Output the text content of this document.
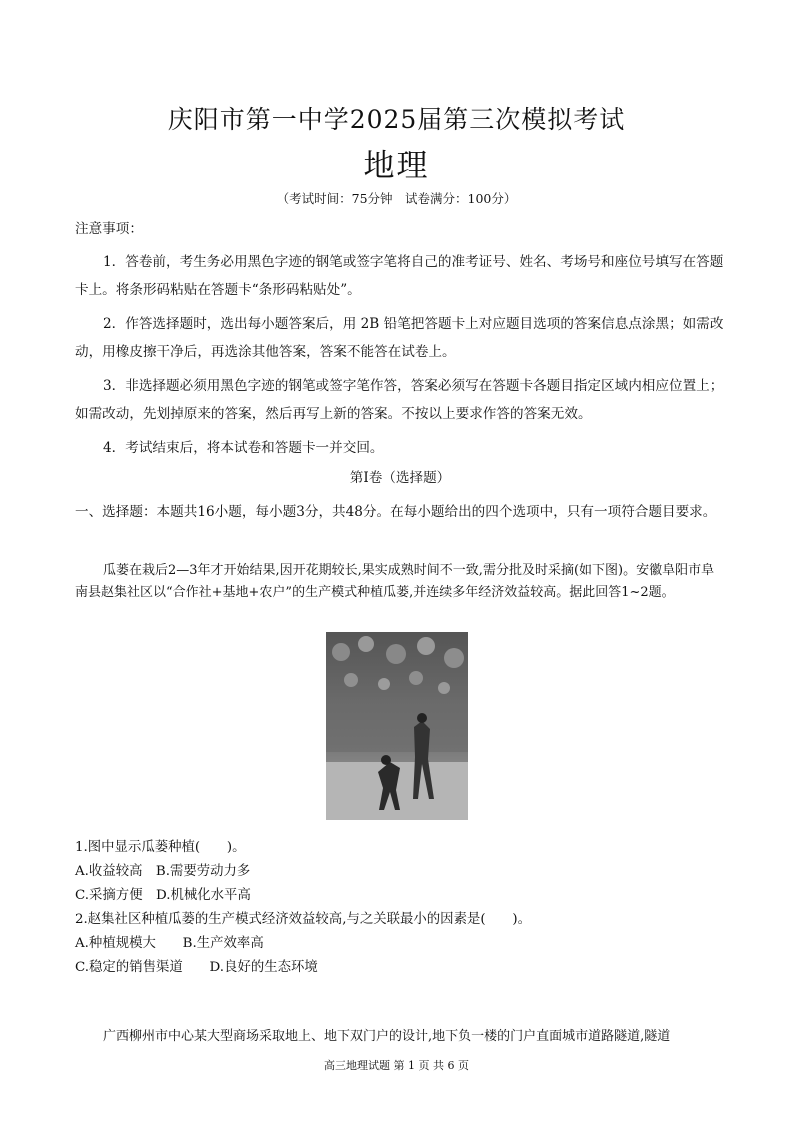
庆阳市第一中学2025届第三次模拟考试
地理
（考试时间：75分钟　试卷满分：100分）
注意事项：
1．答卷前，考生务必用黑色字迹的钢笔或签字笔将自己的准考证号、姓名、考场号和座位号填写在答题卡上。将条形码粘贴在答题卡“条形码粘贴处”。
2．作答选择题时，选出每小题答案后，用 2B 铅笔把答题卡上对应题目选项的答案信息点涂黑；如需改动，用橡皮擦干净后，再选涂其他答案，答案不能答在试卷上。
3．非选择题必须用黑色字迹的钢笔或签字笔作答，答案必须写在答题卡各题目指定区域内相应位置上；如需改动，先划掉原来的答案，然后再写上新的答案。不按以上要求作答的答案无效。
4．考试结束后，将本试卷和答题卡一并交回。
第Ⅰ卷（选择题）
一、选择题：本题共16小题，每小题3分，共48分。在每小题给出的四个选项中，只有一项符合题目要求。
瓜蒌在栽后2—3年才开始结果,因开花期较长,果实成熟时间不一致,需分批及时采摘(如下图)。安徽阜阳市阜南县赵集社区以“合作社+基地+农户”的生产模式种植瓜蒌,并连续多年经济效益较高。据此回答1~2题。
1.图中显示瓜蒌种植(　　)。
A.收益较高　B.需要劳动力多
C.采摘方便　D.机械化水平高
2.赵集社区种植瓜蒌的生产模式经济效益较高,与之关联最小的因素是(　　)。
A.种植规模大　　B.生产效率高
C.稳定的销售渠道　　D.良好的生态环境
广西柳州市中心某大型商场采取地上、地下双门户的设计,地下负一楼的门户直面城市道路隧道,隧道
高三地理试题 第 1 页 共 6 页
